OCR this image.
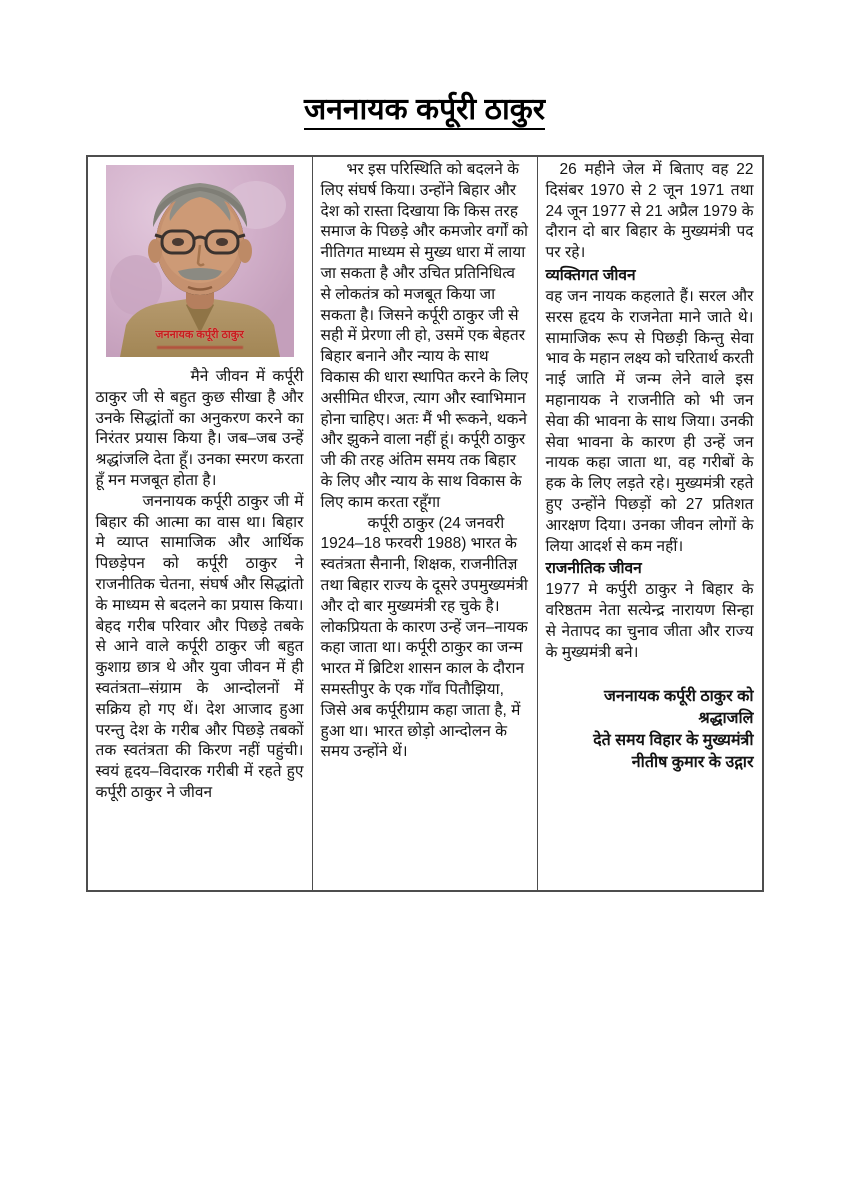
जननायक कर्पूरी ठाकुर
जननायक कर्पूरी ठाकुर

मैने जीवन में कर्पूरी ठाकुर जी से बहुत कुछ सीखा है और उनके सिद्धांतों का अनुकरण करने का निरंतर प्रयास किया है। जब–जब उन्हें श्रद्धांजलि देता हूँ। उनका स्मरण करता हूँ मन मजबूत होता है।

जननायक कर्पूरी ठाकुर जी में बिहार की आत्मा का वास था। बिहार मे व्याप्त सामाजिक और आर्थिक पिछड़ेपन को कर्पूरी ठाकुर ने राजनीतिक चेतना, संघर्ष और सिद्धांतो के माध्यम से बदलने का प्रयास किया। बेहद गरीब परिवार और पिछड़े तबके से आने वाले कर्पूरी ठाकुर जी बहुत कुशाग्र छात्र थे और युवा जीवन में ही स्वतंत्रता–संग्राम के आन्दोलनों में सक्रिय हो गए थें। देश आजाद हुआ परन्तु देश के गरीब और पिछड़े तबकों तक स्वतंत्रता की किरण नहीं पहुंची। स्वयं हृदय–विदारक गरीबी में रहते हुए कर्पूरी ठाकुर ने जीवन

भर इस परिस्थिति को बदलने के लिए संघर्ष किया। उन्होंने बिहार और देश को रास्ता दिखाया कि किस तरह समाज के पिछड़े और कमजोर वर्गों को नीतिगत माध्यम से मुख्य धारा में लाया जा सकता है और उचित प्रतिनिधित्व से लोकतंत्र को मजबूत किया जा सकता है। जिसने कर्पूरी ठाकुर जी से सही में प्रेरणा ली हो, उसमें एक बेहतर बिहार बनाने और न्याय के साथ विकास की धारा स्थापित करने के लिए असीमित धीरज, त्याग और स्वाभिमान होना चाहिए। अतः मैं भी रूकने, थकने और झुकने वाला नहीं हूं। कर्पूरी ठाकुर जी की तरह अंतिम समय तक बिहार के लिए और न्याय के साथ विकास के लिए काम करता रहूँगा

कर्पूरी ठाकुर (24 जनवरी 1924–18 फरवरी 1988) भारत के स्वतंत्रता सैनानी, शिक्षक, राजनीतिज्ञ तथा बिहार राज्य के दूसरे उपमुख्यमंत्री और दो बार मुख्यमंत्री रह चुके है। लोकप्रियता के कारण उन्हें जन–नायक कहा जाता था। कर्पूरी ठाकुर का जन्म भारत में ब्रिटिश शासन काल के दौरान समस्तीपुर के एक गाँव पितौझिया, जिसे अब कर्पूरीग्राम कहा जाता है, में हुआ था। भारत छोड़ो आन्दोलन के समय उन्होंने थें।

26 महीने जेल में बिताए वह 22 दिसंबर 1970 से 2 जून 1971 तथा 24 जून 1977 से 21 अप्रैल 1979 के दौरान दो बार बिहार के मुख्यमंत्री पद पर रहे।

व्यक्तिगत जीवन

वह जन नायक कहलाते हैं। सरल और सरस हृदय के राजनेता माने जाते थे। सामाजिक रूप से पिछड़ी किन्तु सेवा भाव के महान लक्ष्य को चरितार्थ करती नाई जाति में जन्म लेने वाले इस महानायक ने राजनीति को भी जन सेवा की भावना के साथ जिया। उनकी सेवा भावना के कारण ही उन्हें जन नायक कहा जाता था, वह गरीबों के हक के लिए लड़ते रहे। मुख्यमंत्री रहते हुए उन्होंने पिछड़ों को 27 प्रतिशत आरक्षण दिया। उनका जीवन लोगों के लिया आदर्श से कम नहीं।

राजनीतिक जीवन

1977 मे कर्पुरी ठाकुर ने बिहार के वरिष्ठतम नेता सत्येन्द्र नारायण सिन्हा से नेतापद का चुनाव जीता और राज्य के मुख्यमंत्री बने।

जननायक कर्पूरी ठाकुर को
श्रद्धाजलि
देते समय विहार के मुख्यमंत्री
नीतीष कुमार के उद्गार
